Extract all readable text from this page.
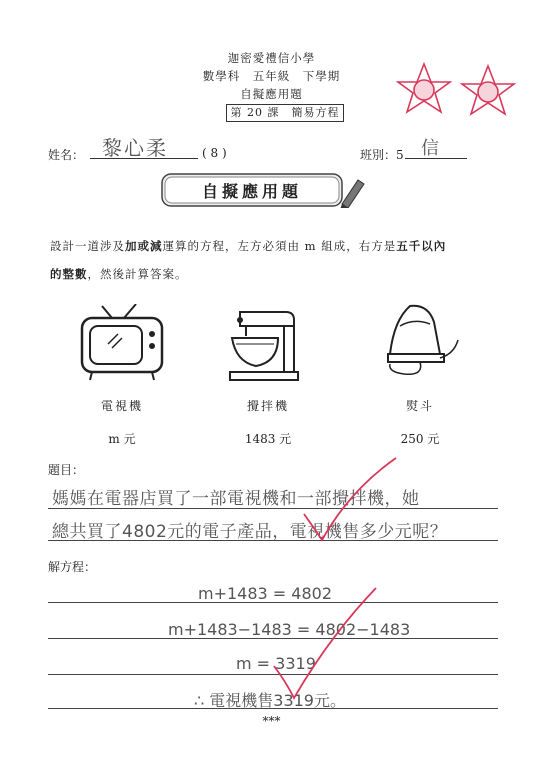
迦密愛禮信小學
數學科　五年級　下學期
自擬應用題
第 20 課　簡易方程
姓名： 黎心柔	( 8 )	班別：5 信
自擬應用題
設計一道涉及加或減運算的方程，左方必須由 m 組成，右方是五千以內
的整數，然後計算答案。
電視機	攪拌機	熨斗
m 元	1483 元	250 元
題目：
媽媽在電器店買了一部電視機和一部攪拌機，她
總共買了4802元的電子產品，電視機售多少元呢？
解方程：
m+1483 = 4802
m+1483−1483 = 4802−1483
m = 3319
∴ 電視機售3319元。
***
